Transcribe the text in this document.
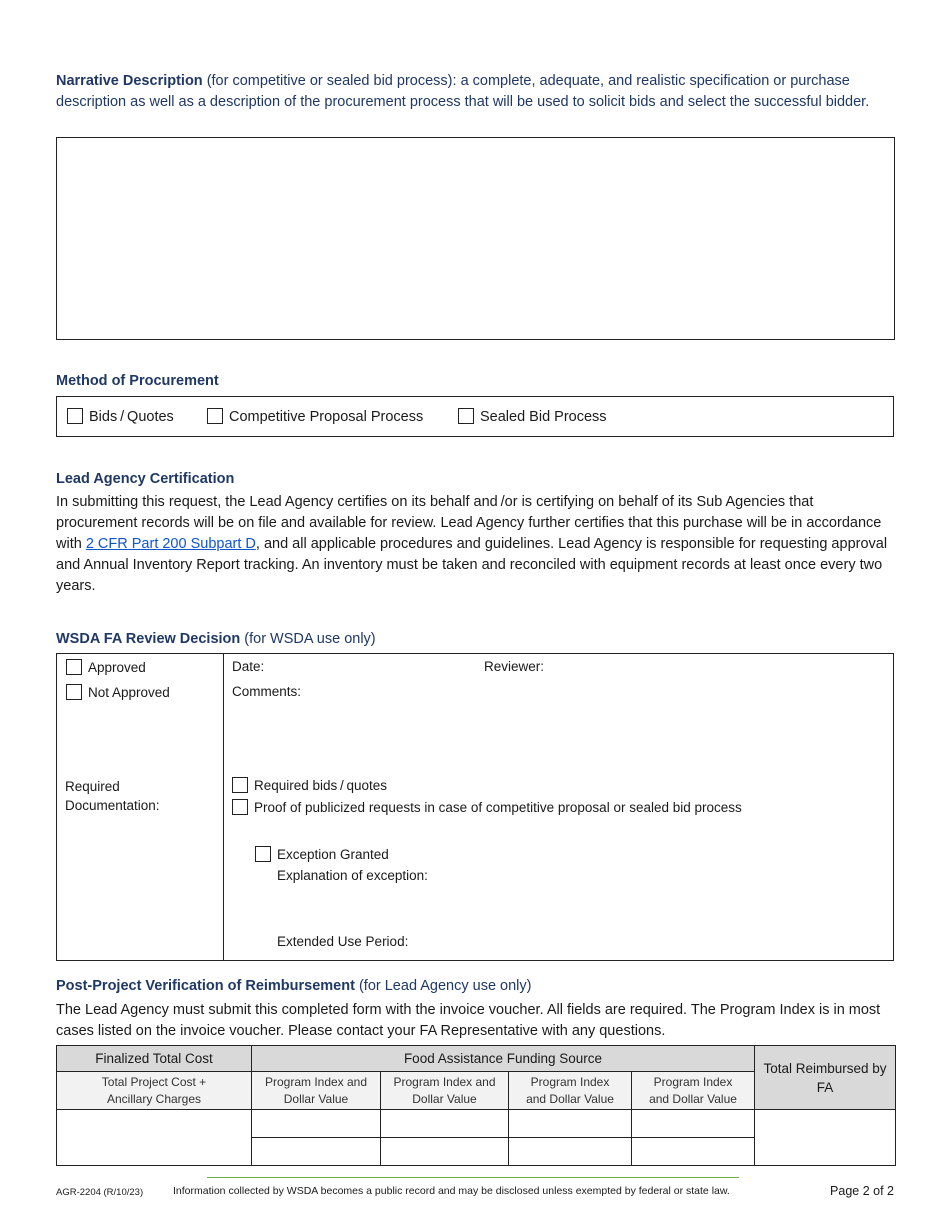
Narrative Description (for competitive or sealed bid process): a complete, adequate, and realistic specification or purchase description as well as a description of the procurement process that will be used to solicit bids and select the successful bidder.
Method of Procurement
Bids / Quotes	Competitive Proposal Process	Sealed Bid Process
Lead Agency Certification
In submitting this request, the Lead Agency certifies on its behalf and /or is certifying on behalf of its Sub Agencies that procurement records will be on file and available for review. Lead Agency further certifies that this purchase will be in accordance with 2 CFR Part 200 Subpart D, and all applicable procedures and guidelines. Lead Agency is responsible for requesting approval and Annual Inventory Report tracking. An inventory must be taken and reconciled with equipment records at least once every two years.
WSDA FA Review Decision (for WSDA use only)
Approved
Not Approved
Date:	Reviewer:
Comments:
Required
Documentation:
Required bids / quotes
Proof of publicized requests in case of competitive proposal or sealed bid process
Exception Granted
Explanation of exception:
Extended Use Period:
Post-Project Verification of Reimbursement (for Lead Agency use only)
The Lead Agency must submit this completed form with the invoice voucher. All fields are required. The Program Index is in most cases listed on the invoice voucher. Please contact your FA Representative with any questions.
Finalized Total Cost	Food Assistance Funding Source				Total Reimbursed by FA
Total Project Cost + Ancillary Charges	Program Index and Dollar Value	Program Index and Dollar Value	Program Index and Dollar Value	Program Index and Dollar Value	

AGR-2204 (R/10/23)	Information collected by WSDA becomes a public record and may be disclosed unless exempted by federal or state law.	Page 2 of 2
